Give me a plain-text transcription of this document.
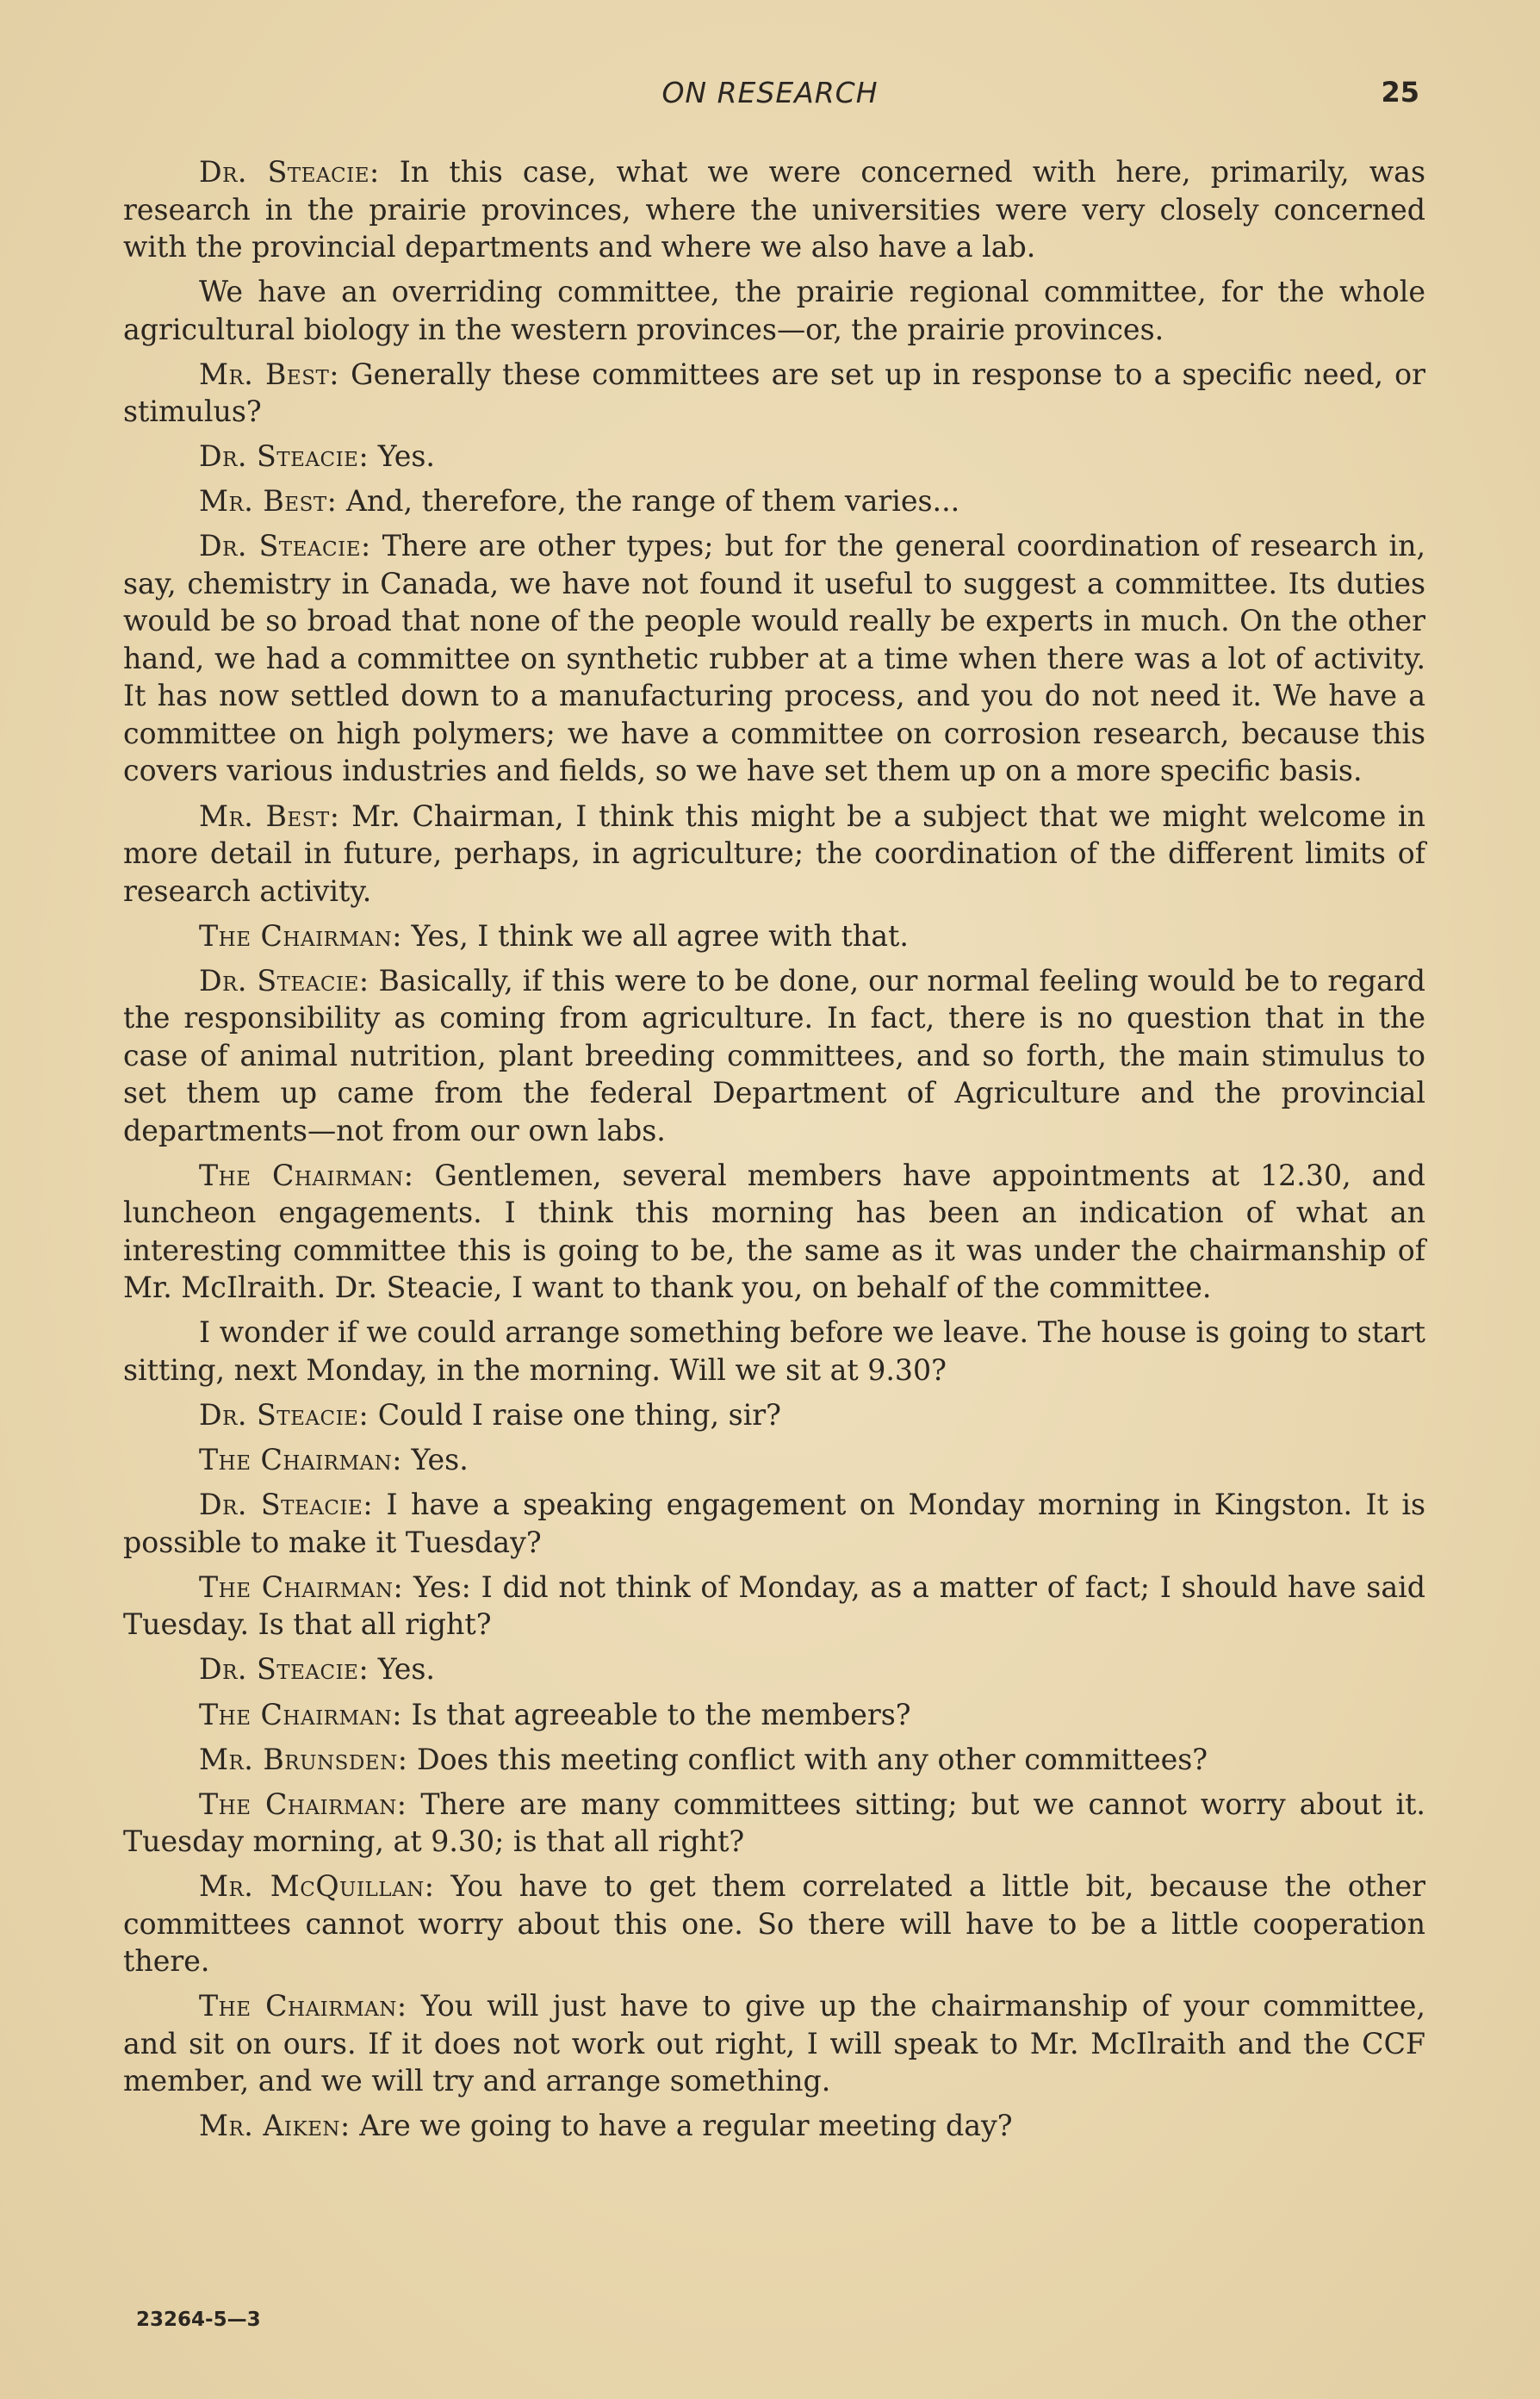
ON RESEARCH	25

Dr. Steacie: In this case, what we were concerned with here, primarily, was research in the prairie provinces, where the universities were very closely concerned with the provincial departments and where we also have a lab.

We have an overriding committee, the prairie regional committee, for the whole agricultural biology in the western provinces—or, the prairie provinces.

Mr. Best: Generally these committees are set up in response to a specific need, or stimulus?

Dr. Steacie: Yes.

Mr. Best: And, therefore, the range of them varies...

Dr. Steacie: There are other types; but for the general coordination of research in, say, chemistry in Canada, we have not found it useful to suggest a committee. Its duties would be so broad that none of the people would really be experts in much. On the other hand, we had a committee on synthetic rubber at a time when there was a lot of activity. It has now settled down to a manufacturing process, and you do not need it. We have a committee on high polymers; we have a committee on corrosion research, because this covers various industries and fields, so we have set them up on a more specific basis.

Mr. Best: Mr. Chairman, I think this might be a subject that we might welcome in more detail in future, perhaps, in agriculture; the coordination of the different limits of research activity.

The Chairman: Yes, I think we all agree with that.

Dr. Steacie: Basically, if this were to be done, our normal feeling would be to regard the responsibility as coming from agriculture. In fact, there is no question that in the case of animal nutrition, plant breeding committees, and so forth, the main stimulus to set them up came from the federal Department of Agriculture and the provincial departments—not from our own labs.

The Chairman: Gentlemen, several members have appointments at 12.30, and luncheon engagements. I think this morning has been an indication of what an interesting committee this is going to be, the same as it was under the chairmanship of Mr. McIlraith. Dr. Steacie, I want to thank you, on behalf of the committee.

I wonder if we could arrange something before we leave. The house is going to start sitting, next Monday, in the morning. Will we sit at 9.30?

Dr. Steacie: Could I raise one thing, sir?

The Chairman: Yes.

Dr. Steacie: I have a speaking engagement on Monday morning in Kingston. It is possible to make it Tuesday?

The Chairman: Yes: I did not think of Monday, as a matter of fact; I should have said Tuesday. Is that all right?

Dr. Steacie: Yes.

The Chairman: Is that agreeable to the members?

Mr. Brunsden: Does this meeting conflict with any other committees?

The Chairman: There are many committees sitting; but we cannot worry about it. Tuesday morning, at 9.30; is that all right?

Mr. McQuillan: You have to get them correlated a little bit, because the other committees cannot worry about this one. So there will have to be a little cooperation there.

The Chairman: You will just have to give up the chairmanship of your committee, and sit on ours. If it does not work out right, I will speak to Mr. McIlraith and the CCF member, and we will try and arrange something.

Mr. Aiken: Are we going to have a regular meeting day?

23264-5—3
